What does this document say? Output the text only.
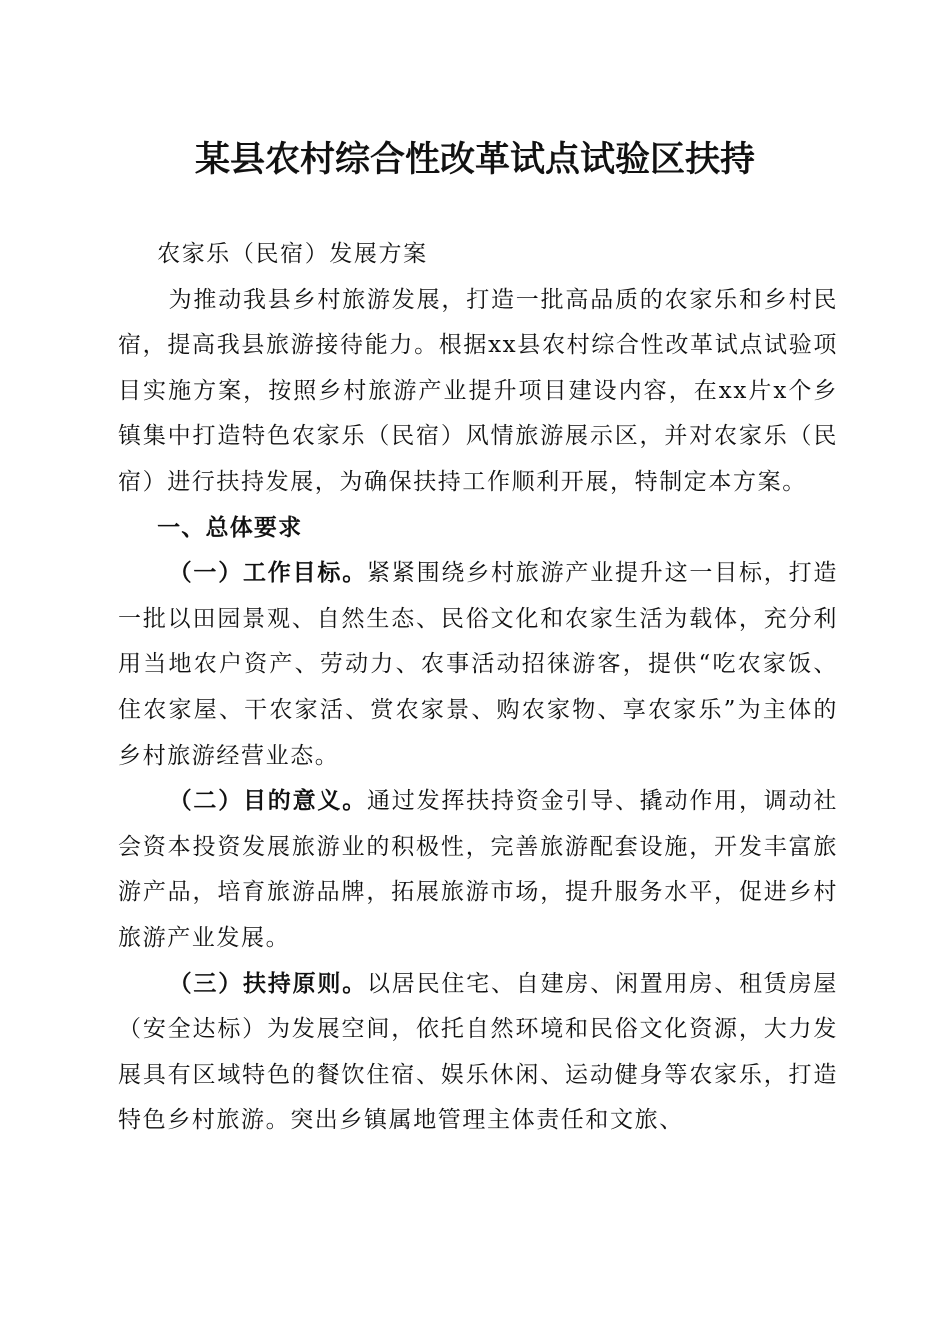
某县农村综合性改革试点试验区扶持

农家乐（民宿）发展方案

为推动我县乡村旅游发展，打造一批高品质的农家乐和乡村民宿，提高我县旅游接待能力。根据xx县农村综合性改革试点试验项目实施方案，按照乡村旅游产业提升项目建设内容，在xx片x个乡镇集中打造特色农家乐（民宿）风情旅游展示区，并对农家乐（民宿）进行扶持发展，为确保扶持工作顺利开展，特制定本方案。

一、总体要求

（一）工作目标。紧紧围绕乡村旅游产业提升这一目标，打造一批以田园景观、自然生态、民俗文化和农家生活为载体，充分利用当地农户资产、劳动力、农事活动招徕游客，提供“吃农家饭、住农家屋、干农家活、赏农家景、购农家物、享农家乐”为主体的乡村旅游经营业态。

（二）目的意义。通过发挥扶持资金引导、撬动作用，调动社会资本投资发展旅游业的积极性，完善旅游配套设施，开发丰富旅游产品，培育旅游品牌，拓展旅游市场，提升服务水平，促进乡村旅游产业发展。

（三）扶持原则。以居民住宅、自建房、闲置用房、租赁房屋（安全达标）为发展空间，依托自然环境和民俗文化资源，大力发展具有区域特色的餐饮住宿、娱乐休闲、运动健身等农家乐，打造特色乡村旅游。突出乡镇属地管理主体责任和文旅、
